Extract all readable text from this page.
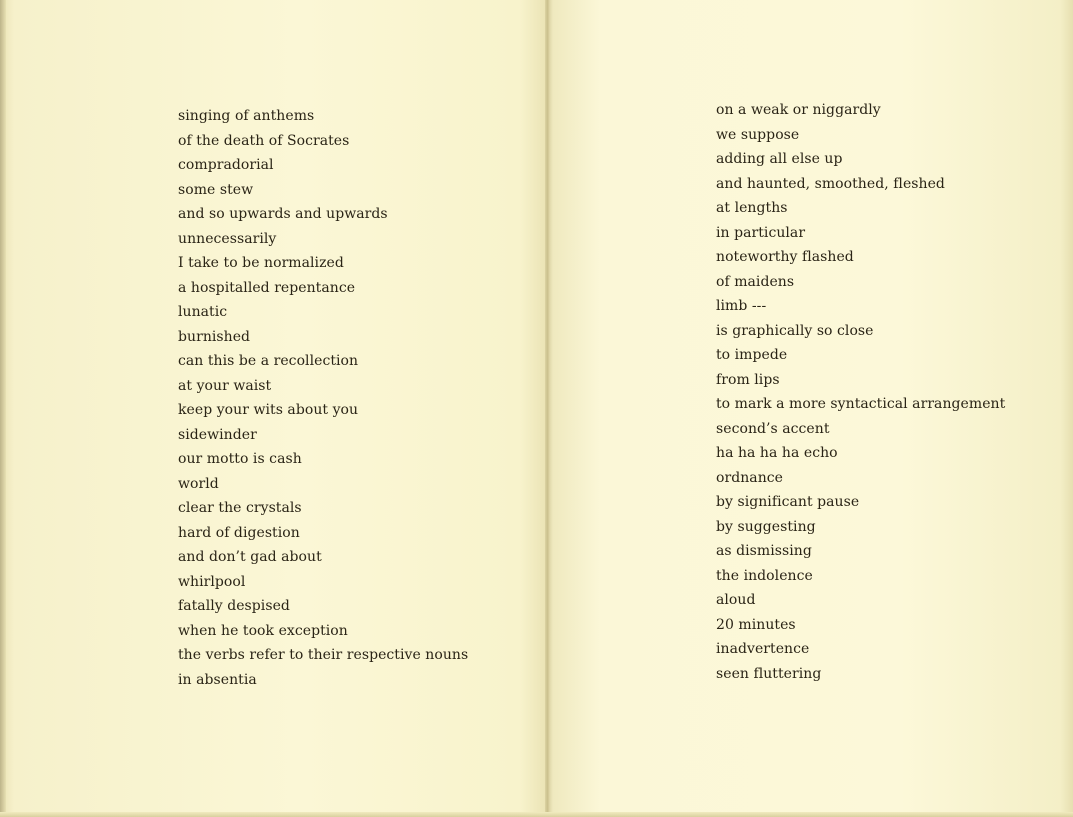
singing of anthems
of the death of Socrates
compradorial
some stew
and so upwards and upwards
unnecessarily
I take to be normalized
a hospitalled repentance
lunatic
burnished
can this be a recollection
at your waist
keep your wits about you
sidewinder
our motto is cash
world
clear the crystals
hard of digestion
and don’t gad about
whirlpool
fatally despised
when he took exception
the verbs refer to their respective nouns
in absentia
on a weak or niggardly
we suppose
adding all else up
and haunted, smoothed, fleshed
at lengths
in particular
noteworthy flashed
of maidens
limb ---
is graphically so close
to impede
from lips
to mark a more syntactical arrangement
second’s accent
ha ha ha ha echo
ordnance
by significant pause
by suggesting
as dismissing
the indolence
aloud
20 minutes
inadvertence
seen fluttering
